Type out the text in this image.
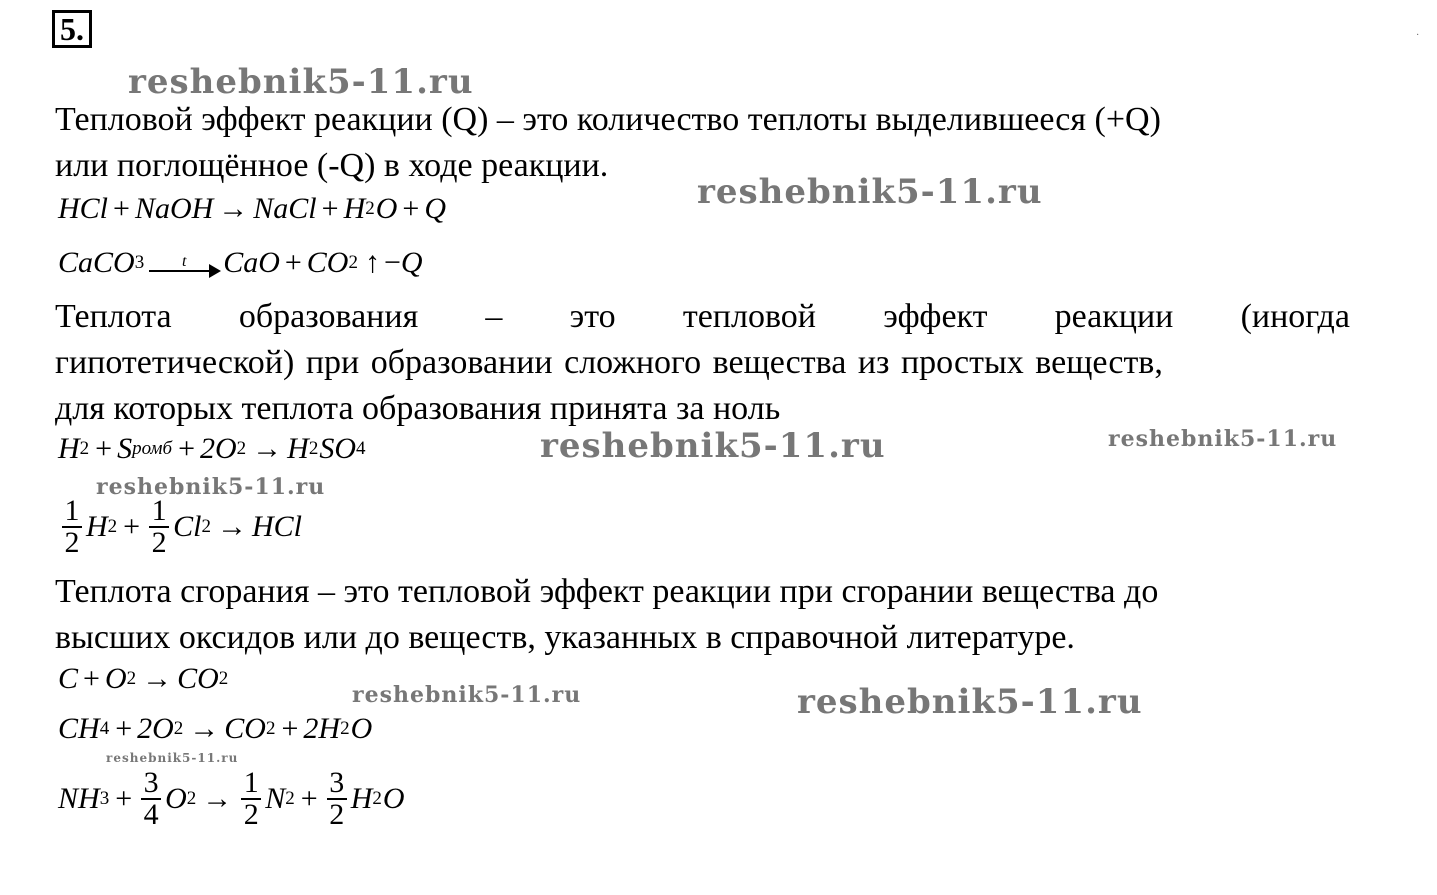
5.	·
reshebnik5-11.ru
reshebnik5-11.ru
reshebnik5-11.ru	reshebnik5-11.ru
reshebnik5-11.ru
reshebnik5-11.ru	reshebnik5-11.ru
reshebnik5-11.ru
Тепловой эффект реакции (Q) – это количество теплоты выделившееся (+Q)
или поглощённое (-Q) в ходе реакции.
HCl + NaOH → NaCl + H 2 O + Q
CaCO 3 t CaO + CO 2 ↑ − Q
Теплота образования – это тепловой эффект реакции (иногда
гипотетической) при образовании сложного вещества из простых веществ,
для которых теплота образования принята за ноль
H 2 + S ромб + 2O 2 → H 2 SO 4
$\frac{1}{2}$ H $2 + \frac{1}{2}$ Cl 2 → HCl
Теплота сгорания – это тепловой эффект реакции при сгорании вещества до
высших оксидов или до веществ, указанных в справочной литературе.
C + O 2 → CO 2
CH 4 + 2O 2 → CO 2 + 2H 2 O
NH $3 + \frac{3}{4}$ O $2 \to \frac{1}{2}$ N $2 + \frac{3}{2}$ H 2 O
